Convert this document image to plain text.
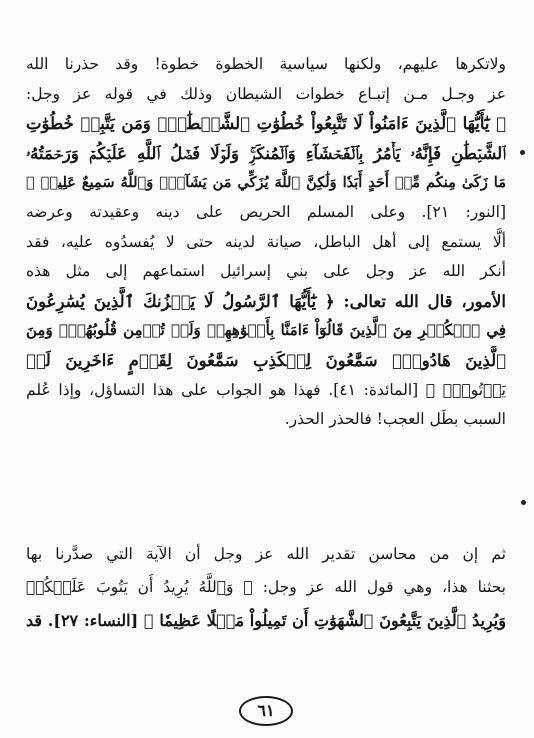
ولاتكرها عليهم، ولكنها سياسية الخطوة خطوة! وقد حذرنا الله
عز وجـل مـن إتبـاع خطوات الشيطان وذلك في قوله عز وجل:
﴿ يَٰٓأَيُّهَا ٱلَّذِينَ ءَامَنُواْ لَا تَتَّبِعُواْ خُطُوَٰتِ ٱلشَّيۡطَٰنِۚ وَمَن يَتَّبِعۡ خُطُوَٰتِ
ٱلشَّيۡطَٰنِ فَإِنَّهُۥ يَأۡمُرُ بِٱلۡفَحۡشَآءِ وَٱلۡمُنكَرِۚ وَلَوۡلَا فَضۡلُ ٱللَّهِ عَلَيۡكُمۡ وَرَحۡمَتُهُۥ
مَا زَكَىٰ مِنكُم مِّنۡ أَحَدٍ أَبَدٗا وَلَٰكِنَّ ٱللَّهَ يُزَكِّي مَن يَشَآءُۗ وَٱللَّهُ سَمِيعٌ عَلِيمٞ ﴾
[النور: ٢١]. وعلى المسلم الحريص على دينه وعقيدته وعرضه
ألَّا يستمع إلى أهل الباطل، صيانة لدينه حتى لا يُفسدُوه عليه، فقد
أنكر الله عز وجل على بني إسرائيل استماعهم إلى مثل هذه
الأمور، قال الله تعالى: ﴿ يَٰٓأَيُّهَا ٱلرَّسُولُ لَا يَحۡزُنكَ ٱلَّذِينَ يُسَٰرِعُونَ
فِي ٱلۡكُفۡرِ مِنَ ٱلَّذِينَ قَالُوٓاْ ءَامَنَّا بِأَفۡوَٰهِهِمۡ وَلَمۡ تُؤۡمِن قُلُوبُهُمۡۛ وَمِنَ
ٱلَّذِينَ هَادُواْۛ سَمَّٰعُونَ لِلۡكَذِبِ سَمَّٰعُونَ لِقَوۡمٍ ءَاخَرِينَ لَمۡ
يَأۡتُوكَۖ ﴾ [المائدة: ٤١]. فهذا هو الجواب على هذا التساؤل، وإذا عُلم
السبب بطَل العجب! فالحذر الحذر.
ثم إن من محاسن تقدير الله عز وجل أن الآية التي صدَّرنا بها
بحثنا هذا، وهي قول الله عز وجل: ﴿ وَٱللَّهُ يُرِيدُ أَن يَتُوبَ عَلَيۡكُمۡ
وَيُرِيدُ ٱلَّذِينَ يَتَّبِعُونَ ٱلشَّهَوَٰتِ أَن تَمِيلُواْ مَيۡلًا عَظِيمٗا ﴾ [النساء: ٢٧]. قد
٦١
